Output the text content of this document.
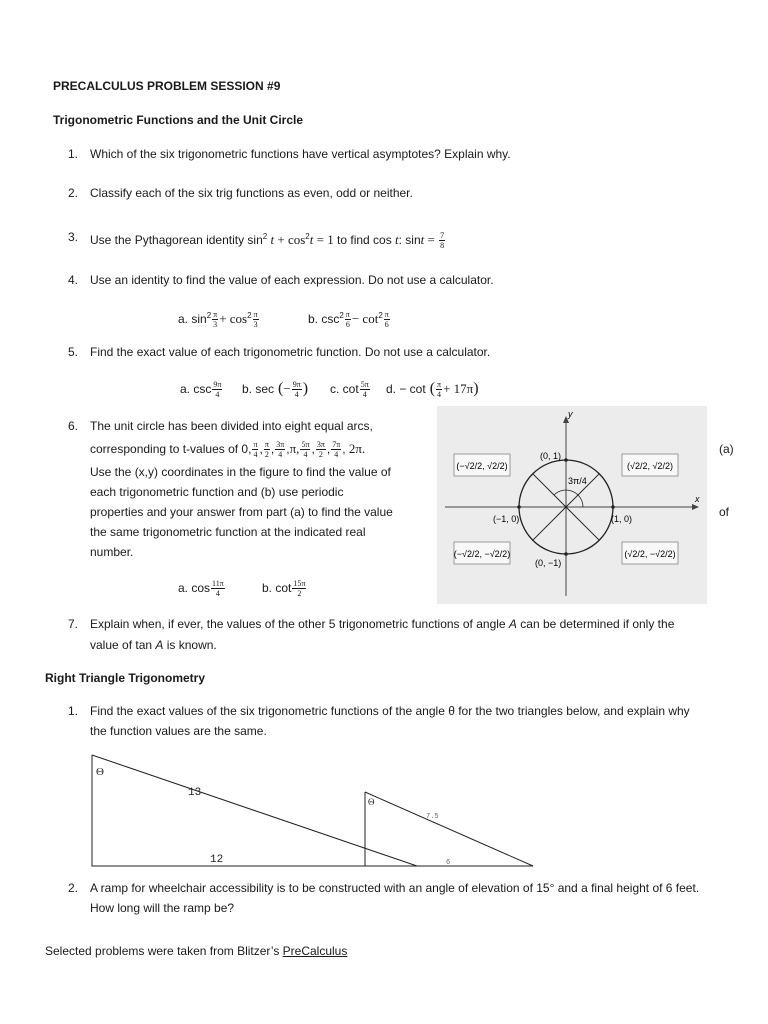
PRECALCULUS PROBLEM SESSION #9
Trigonometric Functions and the Unit Circle
1. Which of the six trigonometric functions have vertical asymptotes? Explain why.
2. Classify each of the six trig functions as even, odd or neither.
3. Use the Pythagorean identity $\sin^2 t + \cos^2t = 1$ to find cos t: $\sin t = \frac{7}{8}$
4. Use an identity to find the value of each expression. Do not use a calculator.
a. $\sin^2 \frac{\pi}{3} + \cos^2 \frac{\pi}{3}$	b. $\csc^2 \frac{\pi}{6} - \cot^2 \frac{\pi}{6}$
5. Find the exact value of each trigonometric function. Do not use a calculator.
a. $\csc \frac{9\pi}{4} b$. sec (− $\frac{9\pi}{4}$ ) c. $\cot \frac{5\pi}{4} d$. − cot ( $\frac{\pi}{4} + 17\pi$)
6. The unit circle has been divided into eight equal arcs,
corresponding to t-values of 0, $\frac{\pi}{4}$ , $\frac{\pi}{2}$ , $\frac{3\pi}{4} ,\pi$, $\frac{5\pi}{4}$ , $\frac{3\pi}{2}$ , $\frac{7\pi}{4}$ , 2π.
Use the (x,y) coordinates in the figure to find the value of
each trigonometric function and (b) use periodic
properties and your answer from part (a) to find the value
the same trigonometric function at the indicated real
number.
(a)
of
a. $\cos \frac{11\pi}{4}$	b. $\cot \frac{15\pi}{2}$
(−√2/2, √2/2)	(√2/2, √2/2)
(−√2/2, −√2/2)	(√2/2, −√2/2)
y
x
(0, 1)
(1, 0)
(−1, 0)
(0, −1)
3π/4
7. Explain when, if ever, the values of the other 5 trigonometric functions of angle A can be determined if only the
value of tan A is known.
Right Triangle Trigonometry
1. Find the exact values of the six trigonometric functions of the angle θ for the two triangles below, and explain why
the function values are the same.
Θ
13
12
Θ
7.5
6
2. A ramp for wheelchair accessibility is to be constructed with an angle of elevation of 15° and a final height of 6 feet.
How long will the ramp be?
Selected problems were taken from Blitzer’s PreCalculus
